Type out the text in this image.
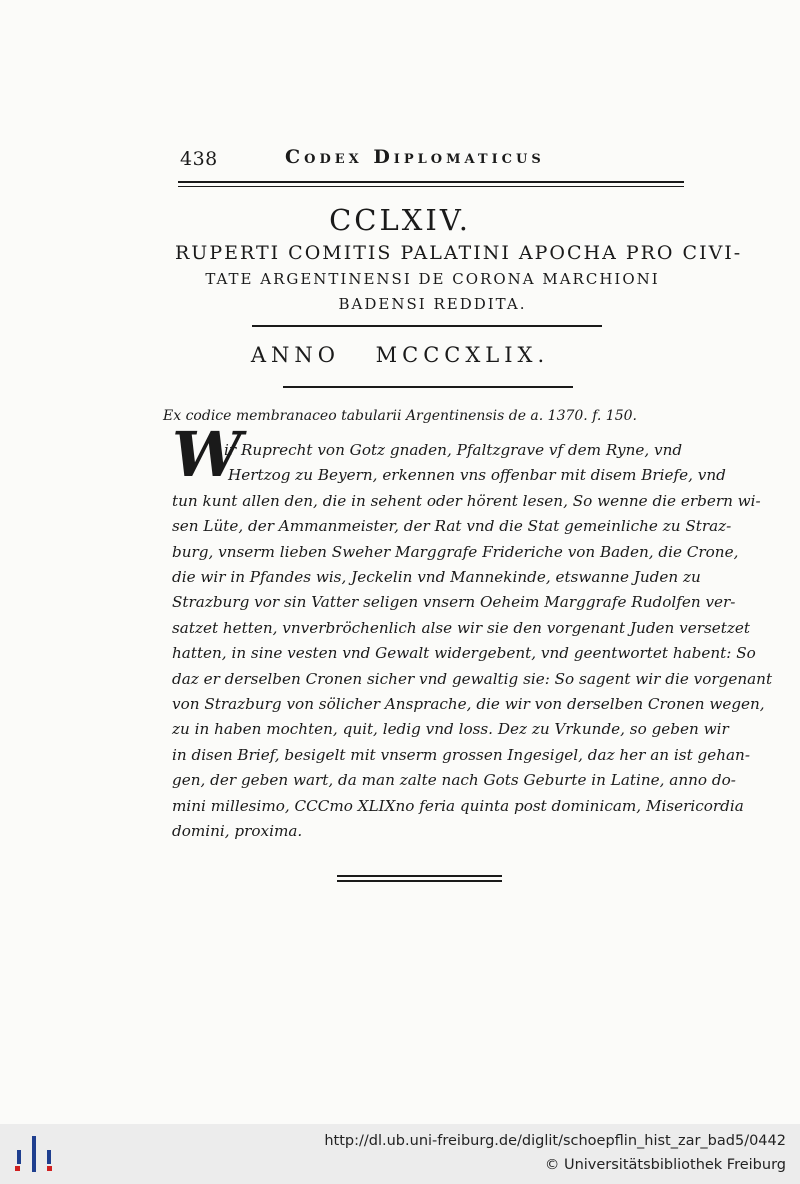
438	Codex Diplomaticus
CCLXIV.
RUPERTI COMITIS PALATINI APOCHA PRO CIVI-
TATE ARGENTINENSI DE CORONA MARCHIONI
BADENSI REDDITA.
ANNO MCCCXLIX.
Ex codice membranaceo tabularii Argentinensis de a. 1370. f. 150.
W
ir Ruprecht von Gotz gnaden, Pfaltzgrave vf dem Ryne, vnd
Hertzog zu Beyern, erkennen vns offenbar mit disem Briefe, vnd
tun kunt allen den, die in sehent oder hörent lesen, So wenne die erbern wi-
sen Lüte, der Ammanmeister, der Rat vnd die Stat gemeinliche zu Straz-
burg, vnserm lieben Sweher Marggrafe Frideriche von Baden, die Crone,
die wir in Pfandes wis, Jeckelin vnd Mannekinde, etswanne Juden zu
Strazburg vor sin Vatter seligen vnsern Oeheim Marggrafe Rudolfen ver-
satzet hetten, vnverbröchenlich alse wir sie den vorgenant Juden versetzet
hatten, in sine vesten vnd Gewalt widergebent, vnd geentwortet habent: So
daz er derselben Cronen sicher vnd gewaltig sie: So sagent wir die vorgenant
von Strazburg von sölicher Ansprache, die wir von derselben Cronen wegen,
zu in haben mochten, quit, ledig vnd loss. Dez zu Vrkunde, so geben wir
in disen Brief, besigelt mit vnserm grossen Ingesigel, daz her an ist gehan-
gen, der geben wart, da man zalte nach Gots Geburte in Latine, anno do-
mini millesimo, CCCmo XLIXno feria quinta post dominicam, Misericordia
domini, proxima.
http://dl.ub.uni-freiburg.de/diglit/schoepflin_hist_zar_bad5/0442
© Universitätsbibliothek Freiburg
